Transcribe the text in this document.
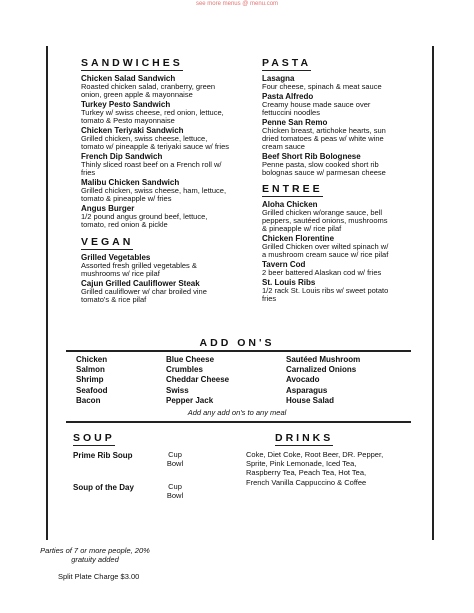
see more menus @ menu.com
SANDWICHES
Chicken Salad Sandwich
Roasted chicken salad, cranberry, green onion, green apple & mayonnaise
Turkey Pesto Sandwich
Turkey w/ swiss cheese, red onion, lettuce, tomato & Pesto mayonnaise
Chicken Teriyaki Sandwich
Grilled chicken, swiss cheese, lettuce, tomato w/ pineapple & teriyaki sauce w/ fries
French Dip Sandwich
Thinly sliced roast beef on a French roll w/ fries
Malibu Chicken Sandwich
Grilled chicken, swiss cheese, ham, lettuce, tomato & pineapple w/ fries
Angus Burger
1/2 pound angus ground beef, lettuce, tomato, red onion & pickle
VEGAN
Grilled Vegetables
Assorted fresh grilled vegetables & mushrooms w/ rice pilaf
Cajun Grilled Cauliflower Steak
Grilled cauliflower w/ char broiled vine tomato's & rice pilaf
PASTA
Lasagna
Four cheese, spinach & meat sauce
Pasta Alfredo
Creamy house made sauce over fettuccini noodles
Penne San Remo
Chicken breast, artichoke hearts, sun dried tomatoes & peas w/ white wine cream sauce
Beef Short Rib Bolognese
Penne pasta, slow cooked short rib bolognas sauce w/ parmesan cheese
ENTREE
Aloha Chicken
Grilled chicken w/orange sauce, bell peppers, sautéed onions, mushrooms & pineapple w/ rice pilaf
Chicken Florentine
Grilled Chicken over wilted spinach w/ a mushroom cream sauce w/ rice pilaf
Tavern Cod
2 beer battered Alaskan cod w/ fries
St. Louis Ribs
1/2 rack St. Louis ribs w/ sweet potato fries
ADD ON'S
Chicken
Salmon
Shrimp
Seafood
Bacon
Blue Cheese Crumbles
Cheddar Cheese
Swiss
Pepper Jack
Sautéed Mushroom
Carnalized Onions
Avocado
Asparagus
House Salad
Add any add on's to any meal
SOUP
Prime Rib Soup	Cup
Bowl
Soup of the Day	Cup
Bowl
DRINKS
Coke, Diet Coke, Root Beer, DR. Pepper, Sprite, Pink Lemonade, Iced Tea, Raspberry Tea, Peach Tea, Hot Tea, French Vanilla Cappuccino & Coffee
Parties of 7 or more people, 20% gratuity added
Split Plate Charge $3.00
